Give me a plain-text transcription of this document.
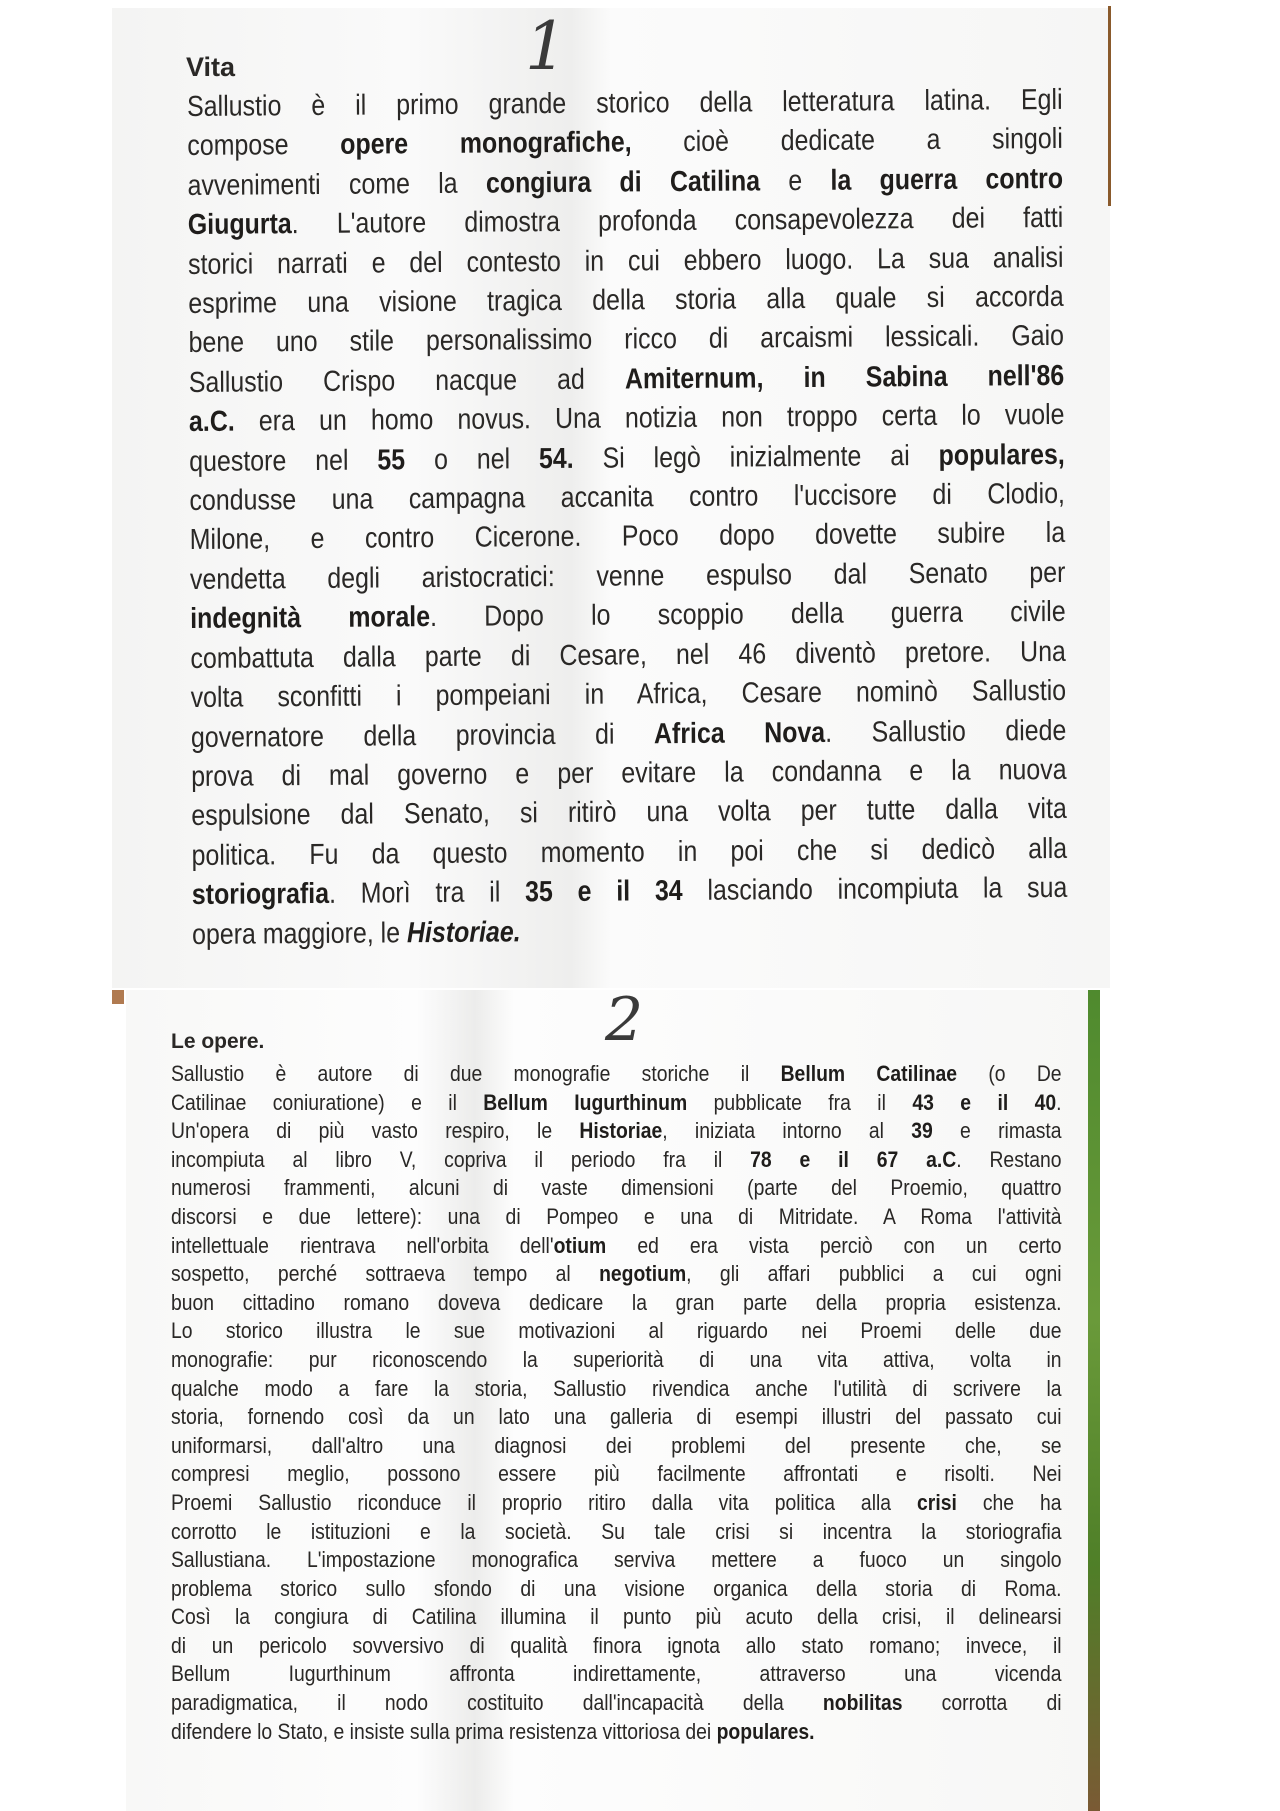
1
Vita
Sallustio è il primo grande storico della letteratura latina. Egli
compose opere monografiche, cioè dedicate a singoli
avvenimenti come la congiura di Catilina e la guerra contro
Giugurta. L'autore dimostra profonda consapevolezza dei fatti
storici narrati e del contesto in cui ebbero luogo. La sua analisi
esprime una visione tragica della storia alla quale si accorda
bene uno stile personalissimo ricco di arcaismi lessicali. Gaio
Sallustio Crispo nacque ad Amiternum, in Sabina nell'86
a.C. era un homo novus. Una notizia non troppo certa lo vuole
questore nel 55 o nel 54. Si legò inizialmente ai populares,
condusse una campagna accanita contro l'uccisore di Clodio,
Milone, e contro Cicerone. Poco dopo dovette subire la
vendetta degli aristocratici: venne espulso dal Senato per
indegnità morale. Dopo lo scoppio della guerra civile
combattuta dalla parte di Cesare, nel 46 diventò pretore. Una
volta sconfitti i pompeiani in Africa, Cesare nominò Sallustio
governatore della provincia di Africa Nova. Sallustio diede
prova di mal governo e per evitare la condanna e la nuova
espulsione dal Senato, si ritirò una volta per tutte dalla vita
politica. Fu da questo momento in poi che si dedicò alla
storiografia. Morì tra il 35 e il 34 lasciando incompiuta la sua
opera maggiore, le Historiae.
2
Le opere.
Sallustio è autore di due monografie storiche il Bellum Catilinae (o De
Catilinae coniuratione) e il Bellum Iugurthinum pubblicate fra il 43 e il 40.
Un'opera di più vasto respiro, le Historiae, iniziata intorno al 39 e rimasta
incompiuta al libro V, copriva il periodo fra il 78 e il 67 a.C. Restano
numerosi frammenti, alcuni di vaste dimensioni (parte del Proemio, quattro
discorsi e due lettere): una di Pompeo e una di Mitridate. A Roma l'attività
intellettuale rientrava nell'orbita dell'otium ed era vista perciò con un certo
sospetto, perché sottraeva tempo al negotium, gli affari pubblici a cui ogni
buon cittadino romano doveva dedicare la gran parte della propria esistenza.
Lo storico illustra le sue motivazioni al riguardo nei Proemi delle due
monografie: pur riconoscendo la superiorità di una vita attiva, volta in
qualche modo a fare la storia, Sallustio rivendica anche l'utilità di scrivere la
storia, fornendo così da un lato una galleria di esempi illustri del passato cui
uniformarsi, dall'altro una diagnosi dei problemi del presente che, se
compresi meglio, possono essere più facilmente affrontati e risolti. Nei
Proemi Sallustio riconduce il proprio ritiro dalla vita politica alla crisi che ha
corrotto le istituzioni e la società. Su tale crisi si incentra la storiografia
Sallustiana. L'impostazione monografica serviva mettere a fuoco un singolo
problema storico sullo sfondo di una visione organica della storia di Roma.
Così la congiura di Catilina illumina il punto più acuto della crisi, il delinearsi
di un pericolo sovversivo di qualità finora ignota allo stato romano; invece, il
Bellum Iugurthinum affronta indirettamente, attraverso una vicenda
paradigmatica, il nodo costituito dall'incapacità della nobilitas corrotta di
difendere lo Stato, e insiste sulla prima resistenza vittoriosa dei populares.
